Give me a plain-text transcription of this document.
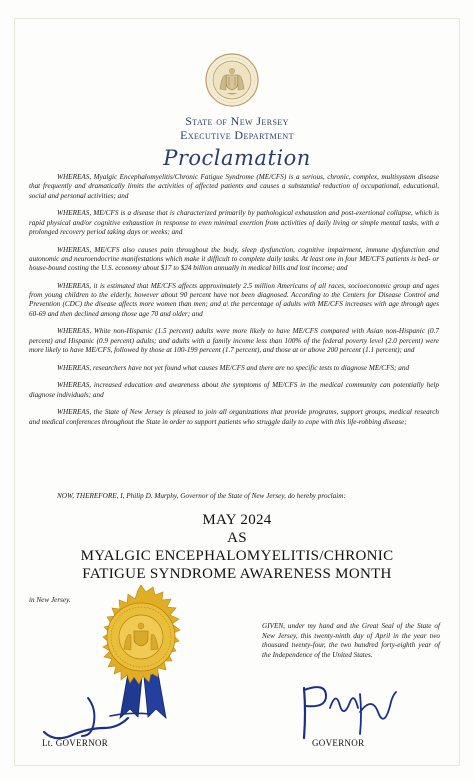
State of New Jersey
Executive Department
Proclamation

WHEREAS, Myalgic Encephalomyelitis/Chronic Fatigue Syndrome (ME/CFS) is a serious, chronic, complex, multisystem disease that frequently and dramatically limits the activities of affected patients and causes a substantial reduction of occupational, educational, social and personal activities; and

WHEREAS, ME/CFS is a disease that is characterized primarily by pathological exhaustion and post-exertional collapse, which is rapid physical and/or cognitive exhaustion in response to even minimal exertion from activities of daily living or simple mental tasks, with a prolonged recovery period taking days or weeks; and

WHEREAS, ME/CFS also causes pain throughout the body, sleep dysfunction, cognitive impairment, immune dysfunction and autonomic and neuroendocrine manifestations which make it difficult to complete daily tasks. At least one in four ME/CFS patients is bed- or house-bound costing the U.S. economy about $17 to $24 billion annually in medical bills and lost income; and

WHEREAS, it is estimated that ME/CFS affects approximately 2.5 million Americans of all races, socioeconomic group and ages from young children to the elderly, however about 90 percent have not been diagnosed. According to the Centers for Disease Control and Prevention (CDC) the disease affects more women than men; and a\ the percentage of adults with ME/CFS increases with age through ages 60-69 and then declined among those age 70 and older; and

WHEREAS, White non-Hispanic (1.5 percent) adults were more likely to have ME/CFS compared with Asian non-Hispanic (0.7 percent) and Hispanic (0.9 percent) adults; and adults with a family income less than 100% of the federal poverty level (2.0 percent) were more likely to have ME/CFS, followed by those at 100-199 percent (1.7 percent), and those at or above 200 percent (1.1 percent); and

WHEREAS, researchers have not yet found what causes ME/CFS and there are no specific tests to diagnose ME/CFS; and

WHEREAS, increased education and awareness about the symptoms of ME/CFS in the medical community can potentially help diagnose individuals; and

WHEREAS, the State of New Jersey is pleased to join all organizations that provide programs, support groups, medical research and medical conferences throughout the State in order to support patients who struggle daily to cope with this life-robbing disease;

NOW, THEREFORE, I, Philip D. Murphy, Governor of the State of New Jersey, do hereby proclaim:
MAY 2024
AS
MYALGIC ENCEPHALOMYELITIS/CHRONIC
FATIGUE SYNDROME AWARENESS MONTH
in New Jersey.
GIVEN, under my hand and the Great Seal of the State of New Jersey, this twenty-ninth day of April in the year two thousand twenty-four, the two hundred forty-eighth year of the Independence of the United States.
Lt. GOVERNOR	GOVERNOR
